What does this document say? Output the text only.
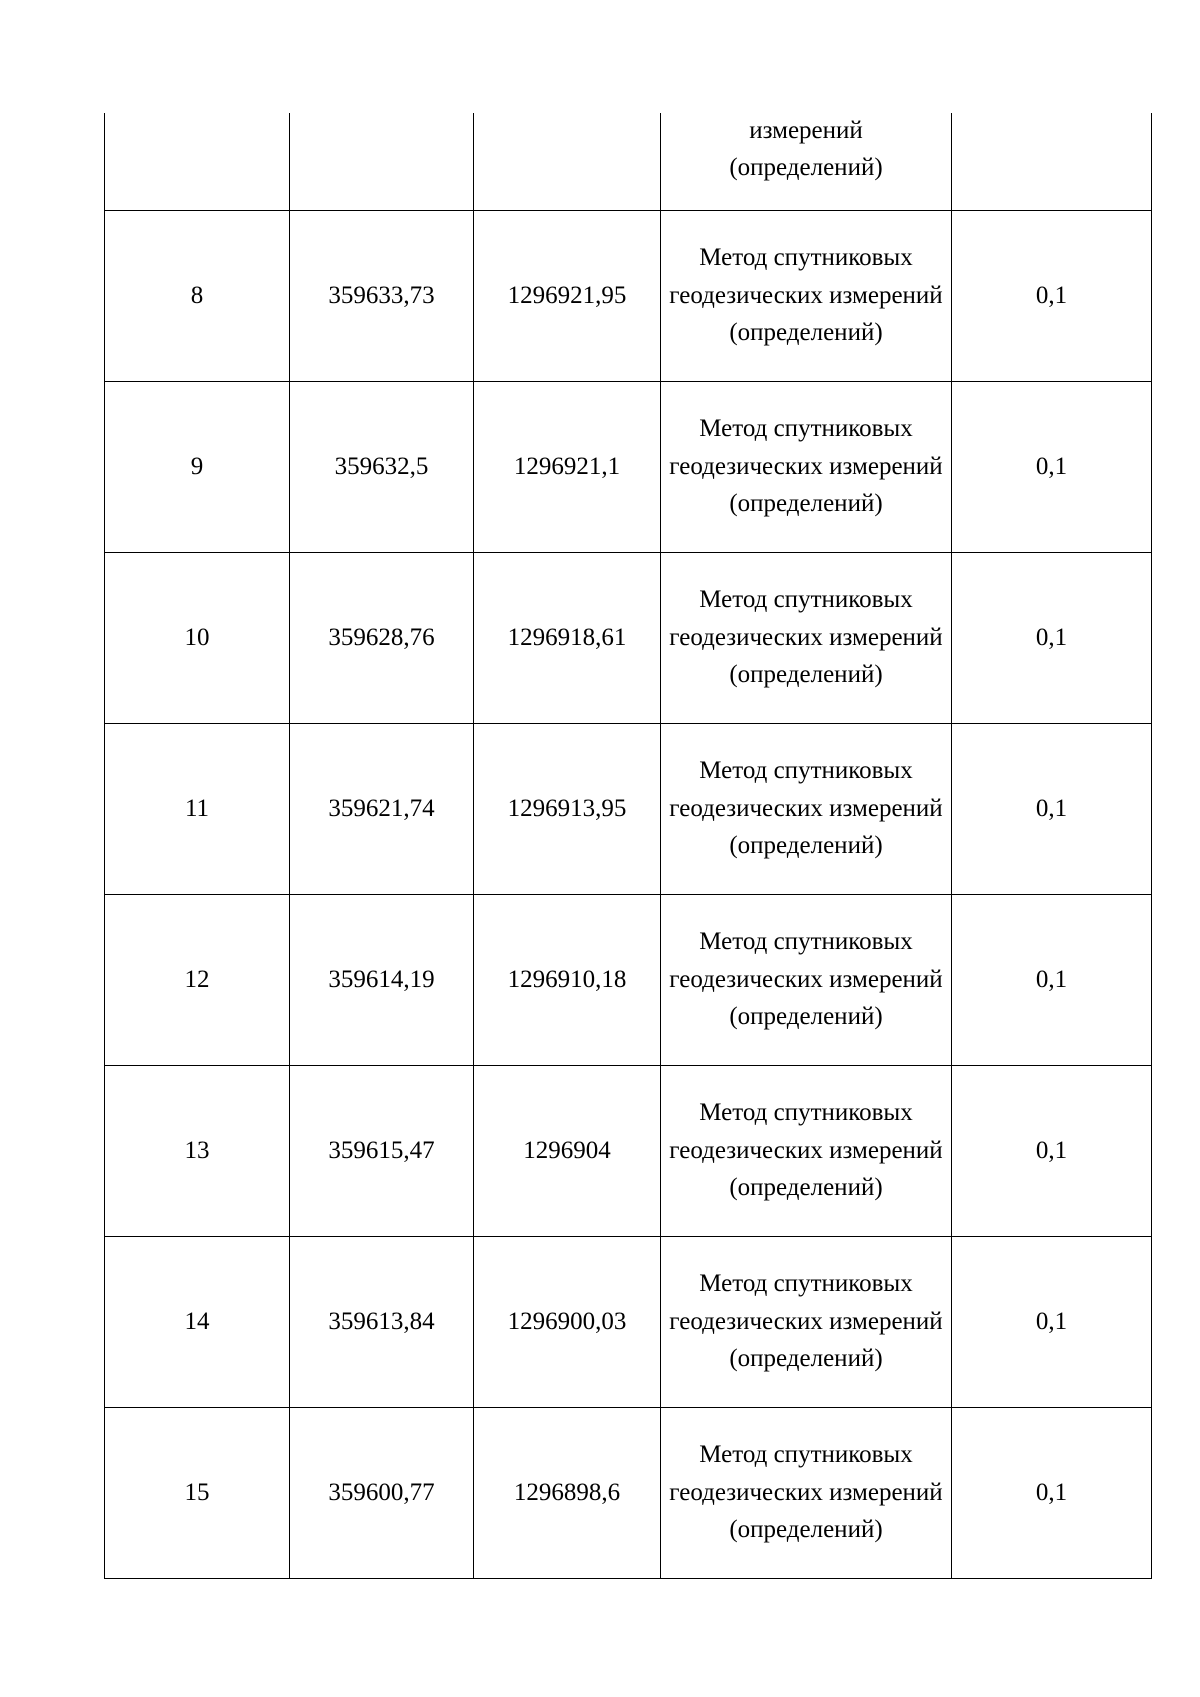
			измерений
(определений)	

8	359633,73	1296921,95	Метод спутниковых геодезических измерений (определений)	0,1
9	359632,5	1296921,1	Метод спутниковых геодезических измерений (определений)	0,1
10	359628,76	1296918,61	Метод спутниковых геодезических измерений (определений)	0,1
11	359621,74	1296913,95	Метод спутниковых геодезических измерений (определений)	0,1
12	359614,19	1296910,18	Метод спутниковых геодезических измерений (определений)	0,1
13	359615,47	1296904	Метод спутниковых геодезических измерений (определений)	0,1
14	359613,84	1296900,03	Метод спутниковых геодезических измерений (определений)	0,1
15	359600,77	1296898,6	Метод спутниковых геодезических измерений (определений)	0,1
